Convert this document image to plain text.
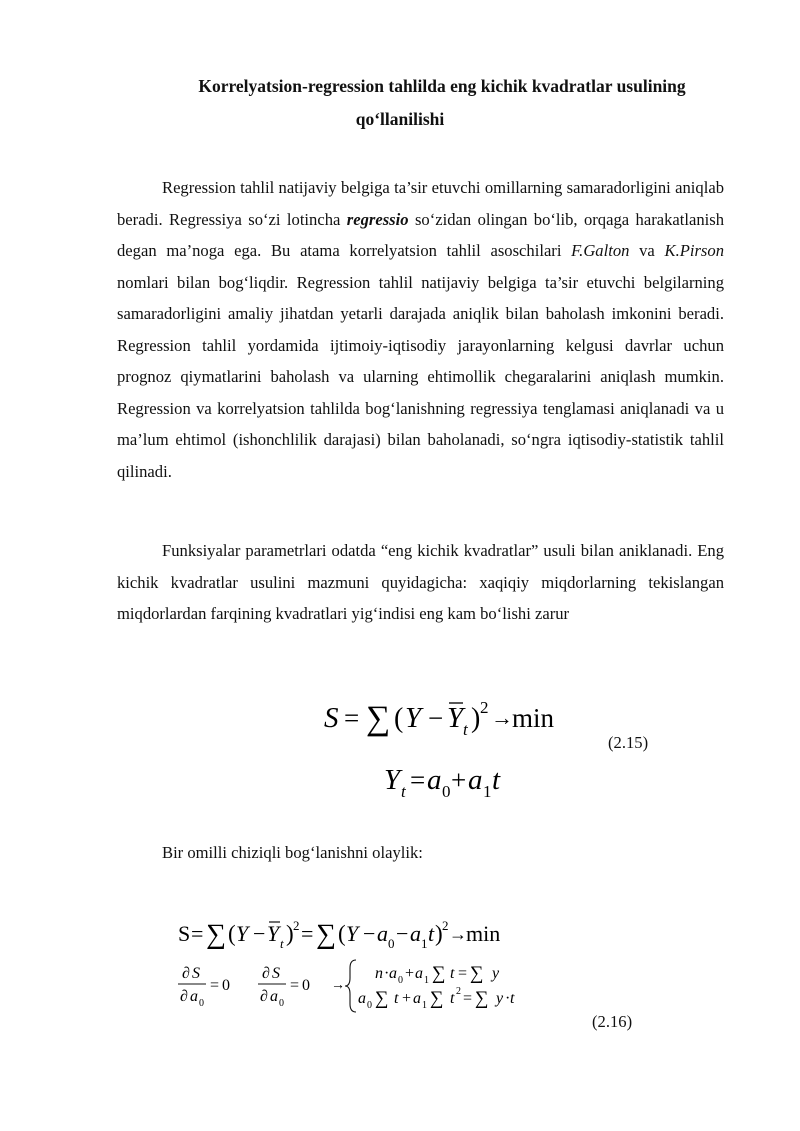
Korrelyatsion-regression tahlilda eng kichik kvadratlar usulining
qo‘llanilishi

Regression tahlil natijaviy belgiga ta’sir etuvchi omillarning samaradorligini aniqlab beradi. Regressiya so‘zi lotincha regressio so‘zidan olingan bo‘lib, orqaga harakatlanish degan ma’noga ega. Bu atama korrelyatsion tahlil asoschilari F.Galton va K.Pirson nomlari bilan bog‘liqdir. Regression tahlil natijaviy belgiga ta’sir etuvchi belgilarning samaradorligini amaliy jihatdan yetarli darajada aniqlik bilan baholash imkonini beradi. Regression tahlil yordamida ijtimoiy-iqtisodiy jarayonlarning kelgusi davrlar uchun prognoz qiymatlarini baholash va ularning ehtimollik chegaralarini aniqlash mumkin. Regression va korrelyatsion tahlilda bog‘lanishning regressiya tenglamasi aniqlanadi va u ma’lum ehtimol (ishonchlilik darajasi) bilan baholanadi, so‘ngra iqtisodiy-statistik tahlil qilinadi.

Funksiyalar parametrlari odatda “eng kichik kvadratlar” usuli bilan aniklanadi. Eng kichik kvadratlar usulini mazmuni quyidagicha: xaqiqiy miqdorlarning tekislangan miqdorlardan farqining kvadratlari yig‘indisi eng kam bo‘lishi zarur

S = ∑ ( Y − Y t ) 2 → min
Y t = a 0 + a 1 t
(2.15)
Bir omilli chiziqli bog‘lanishni olaylik:
S = ∑ ( Y − Y t ) 2 = ∑ ( Y − a 0 − a 1 t ) 2 → min
∂ S
∂ a 0
= 0
∂ S
∂ a 0
= 0 →
n · a 0 + a 1 ∑ t = ∑ y
a 0 ∑ t + a 1 ∑ t 2 = ∑ y · t
(2.16)
